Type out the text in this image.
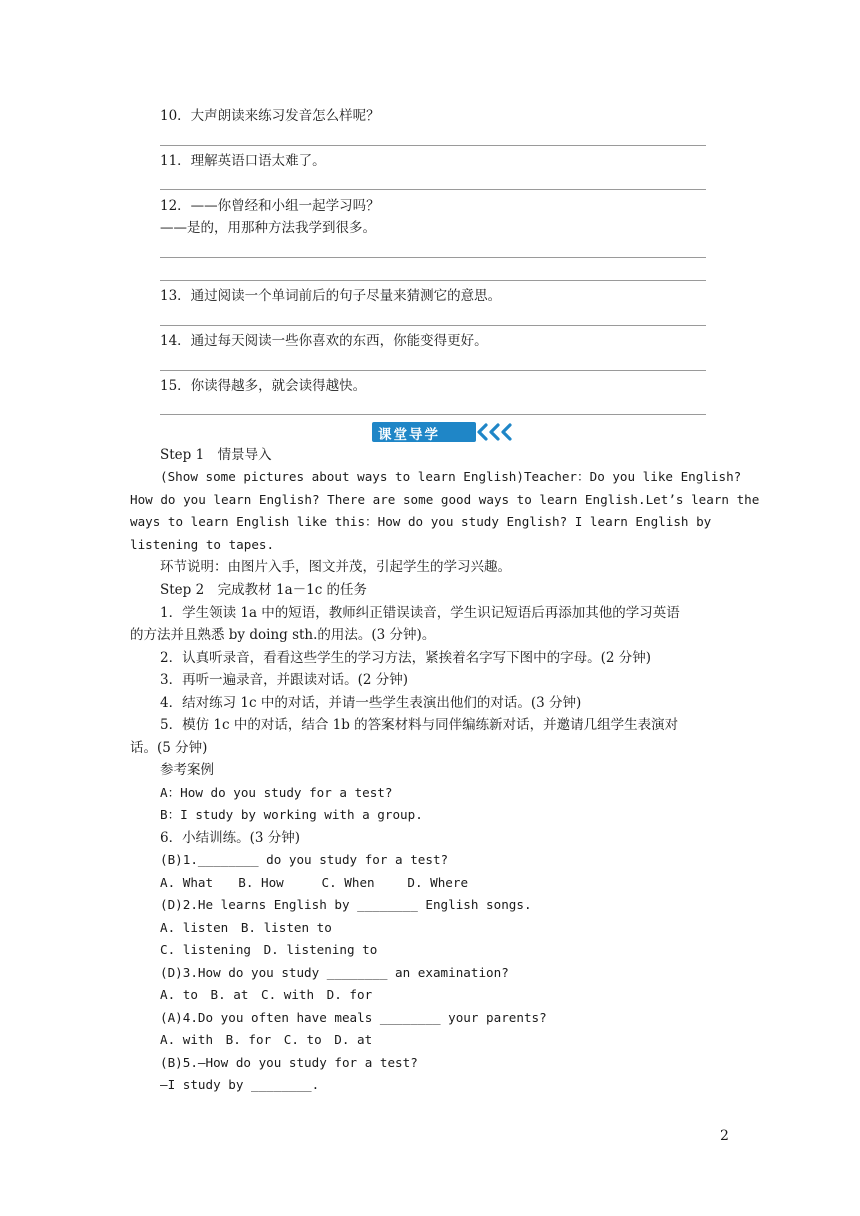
10．大声朗读来练习发音怎么样呢？
11．理解英语口语太难了。
12．——你曾经和小组一起学习吗？
——是的，用那种方法我学到很多。
13．通过阅读一个单词前后的句子尽量来猜测它的意思。
14．通过每天阅读一些你喜欢的东西，你能变得更好。
15．你读得越多，就会读得越快。
课堂导学
Step 1　情景导入
(Show some pictures about ways to learn English)Teacher：Do you like English?
How do you learn English? There are some good ways to learn English.Let’s learn the
ways to learn English like this：How do you study English? I learn English by
listening to tapes.
环节说明：由图片入手，图文并茂，引起学生的学习兴趣。
Step 2　完成教材 1a－1c 的任务
1．学生领读 1a 中的短语，教师纠正错误读音，学生识记短语后再添加其他的学习英语
的方法并且熟悉 by doing sth.的用法。(3 分钟)。
2．认真听录音，看看这些学生的学习方法，紧挨着名字写下图中的字母。(2 分钟)
3．再听一遍录音，并跟读对话。(2 分钟)
4．结对练习 1c 中的对话，并请一些学生表演出他们的对话。(3 分钟)
5．模仿 1c 中的对话，结合 1b 的答案材料与同伴编练新对话，并邀请几组学生表演对
话。(5 分钟)
参考案例
A：How do you study for a test?
B：I study by working with a group.
6．小结训练。(3 分钟)
(B)1.________ do you study for a test?
A. What　　B. How　　　C. When　　 D. Where
(D)2.He learns English by ________ English songs.
A. listen　B. listen to
C. listening　D. listening to
(D)3.How do you study ________ an examination?
A. to　B. at　C. with　D. for
(A)4.Do you often have meals ________ your parents?
A. with　B. for　C. to　D. at
(B)5.—How do you study for a test?
—I study by ________.
2
